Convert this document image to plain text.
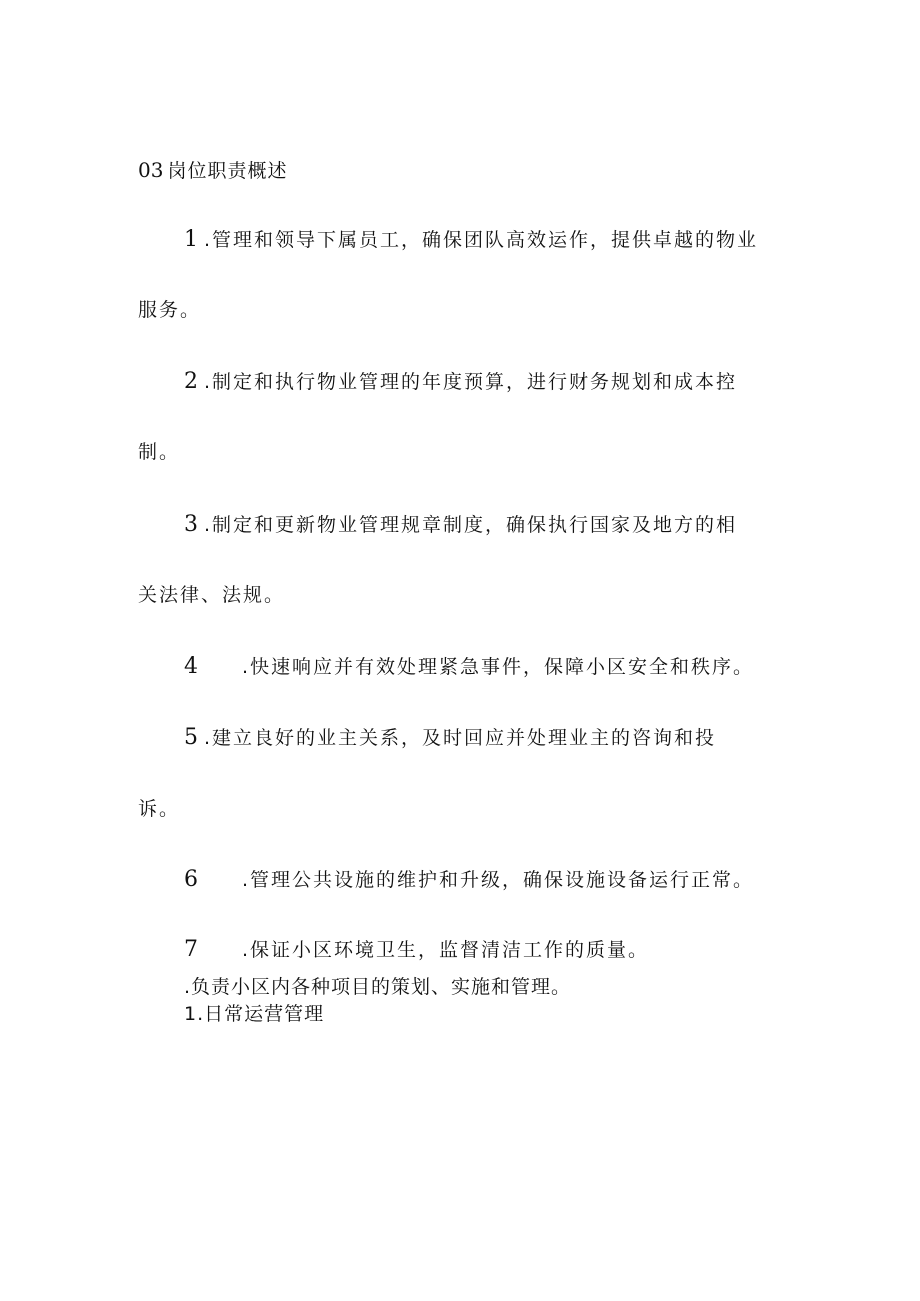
03 岗位职责概述
1 .管理和领导下属员工，确保团队高效运作，提供卓越的物业
服务。
2 .制定和执行物业管理的年度预算，进行财务规划和成本控
制。
3 .制定和更新物业管理规章制度，确保执行国家及地方的相
关法律、法规。
4 .快速响应并有效处理紧急事件，保障小区安全和秩序。
5 .建立良好的业主关系，及时回应并处理业主的咨询和投
诉。
6 .管理公共设施的维护和升级，确保设施设备运行正常。
7 .保证小区环境卫生，监督清洁工作的质量。
.负责小区内各种项目的策划、实施和管理。
1.日常运营管理
